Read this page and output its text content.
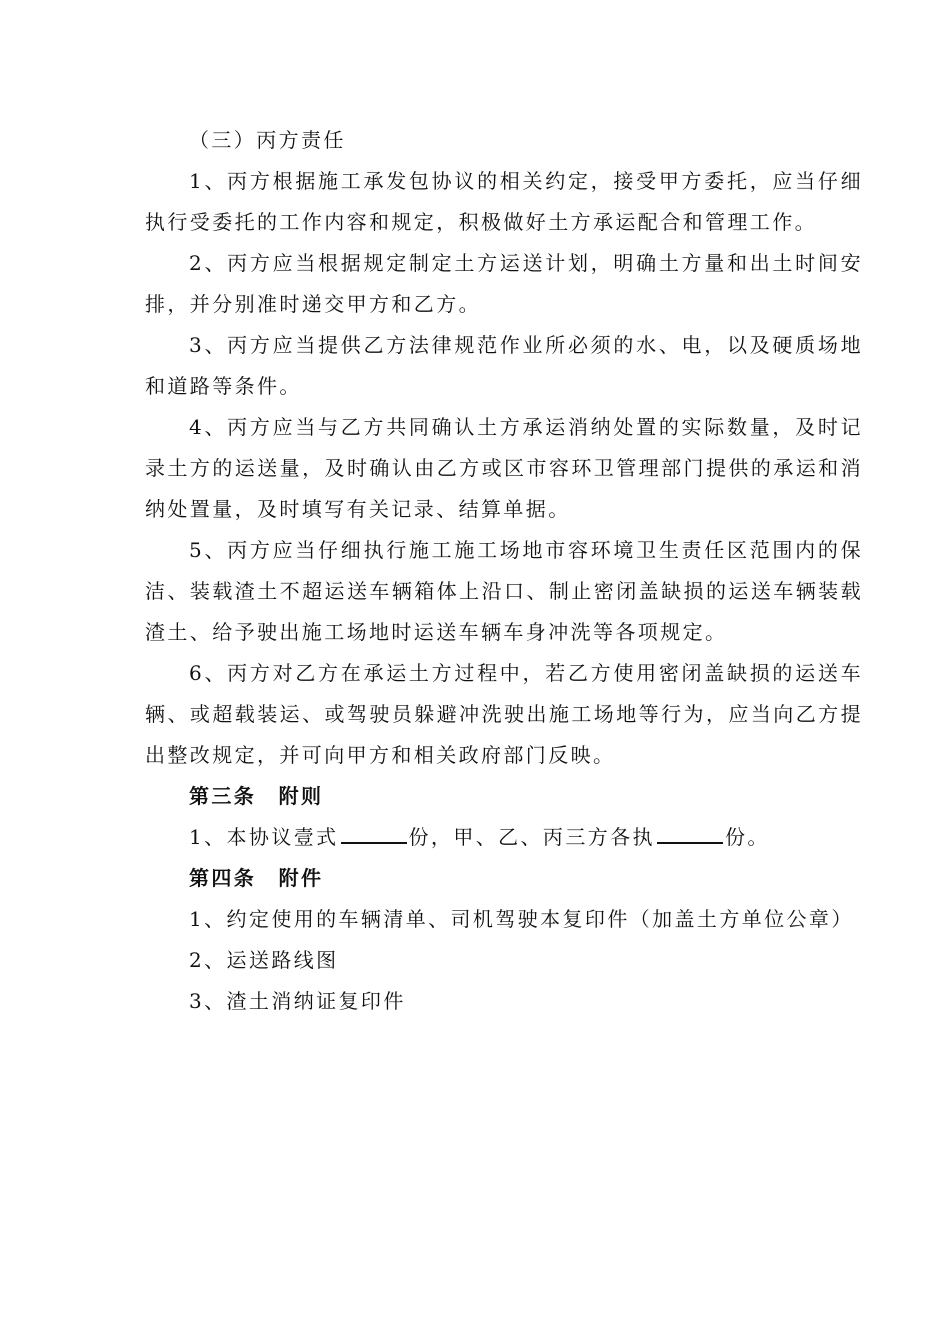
（三）丙方责任

1、丙方根据施工承发包协议的相关约定，接受甲方委托，应当仔细执行受委托的工作内容和规定，积极做好土方承运配合和管理工作。

2、丙方应当根据规定制定土方运送计划，明确土方量和出土时间安排，并分别准时递交甲方和乙方。

3、丙方应当提供乙方法律规范作业所必须的水、电，以及硬质场地和道路等条件。

4、丙方应当与乙方共同确认土方承运消纳处置的实际数量，及时记录土方的运送量，及时确认由乙方或区市容环卫管理部门提供的承运和消纳处置量，及时填写有关记录、结算单据。

5、丙方应当仔细执行施工施工场地市容环境卫生责任区范围内的保洁、装载渣土不超运送车辆箱体上沿口、制止密闭盖缺损的运送车辆装载渣土、给予驶出施工场地时运送车辆车身冲洗等各项规定。

6、丙方对乙方在承运土方过程中，若乙方使用密闭盖缺损的运送车辆、或超载装运、或驾驶员躲避冲洗驶出施工场地等行为，应当向乙方提出整改规定，并可向甲方和相关政府部门反映。

第三条　附则

1、本协议壹式	份，甲、乙、丙三方各执	份。

第四条　附件

1、约定使用的车辆清单、司机驾驶本复印件（加盖土方单位公章）

2、运送路线图

3、渣土消纳证复印件
